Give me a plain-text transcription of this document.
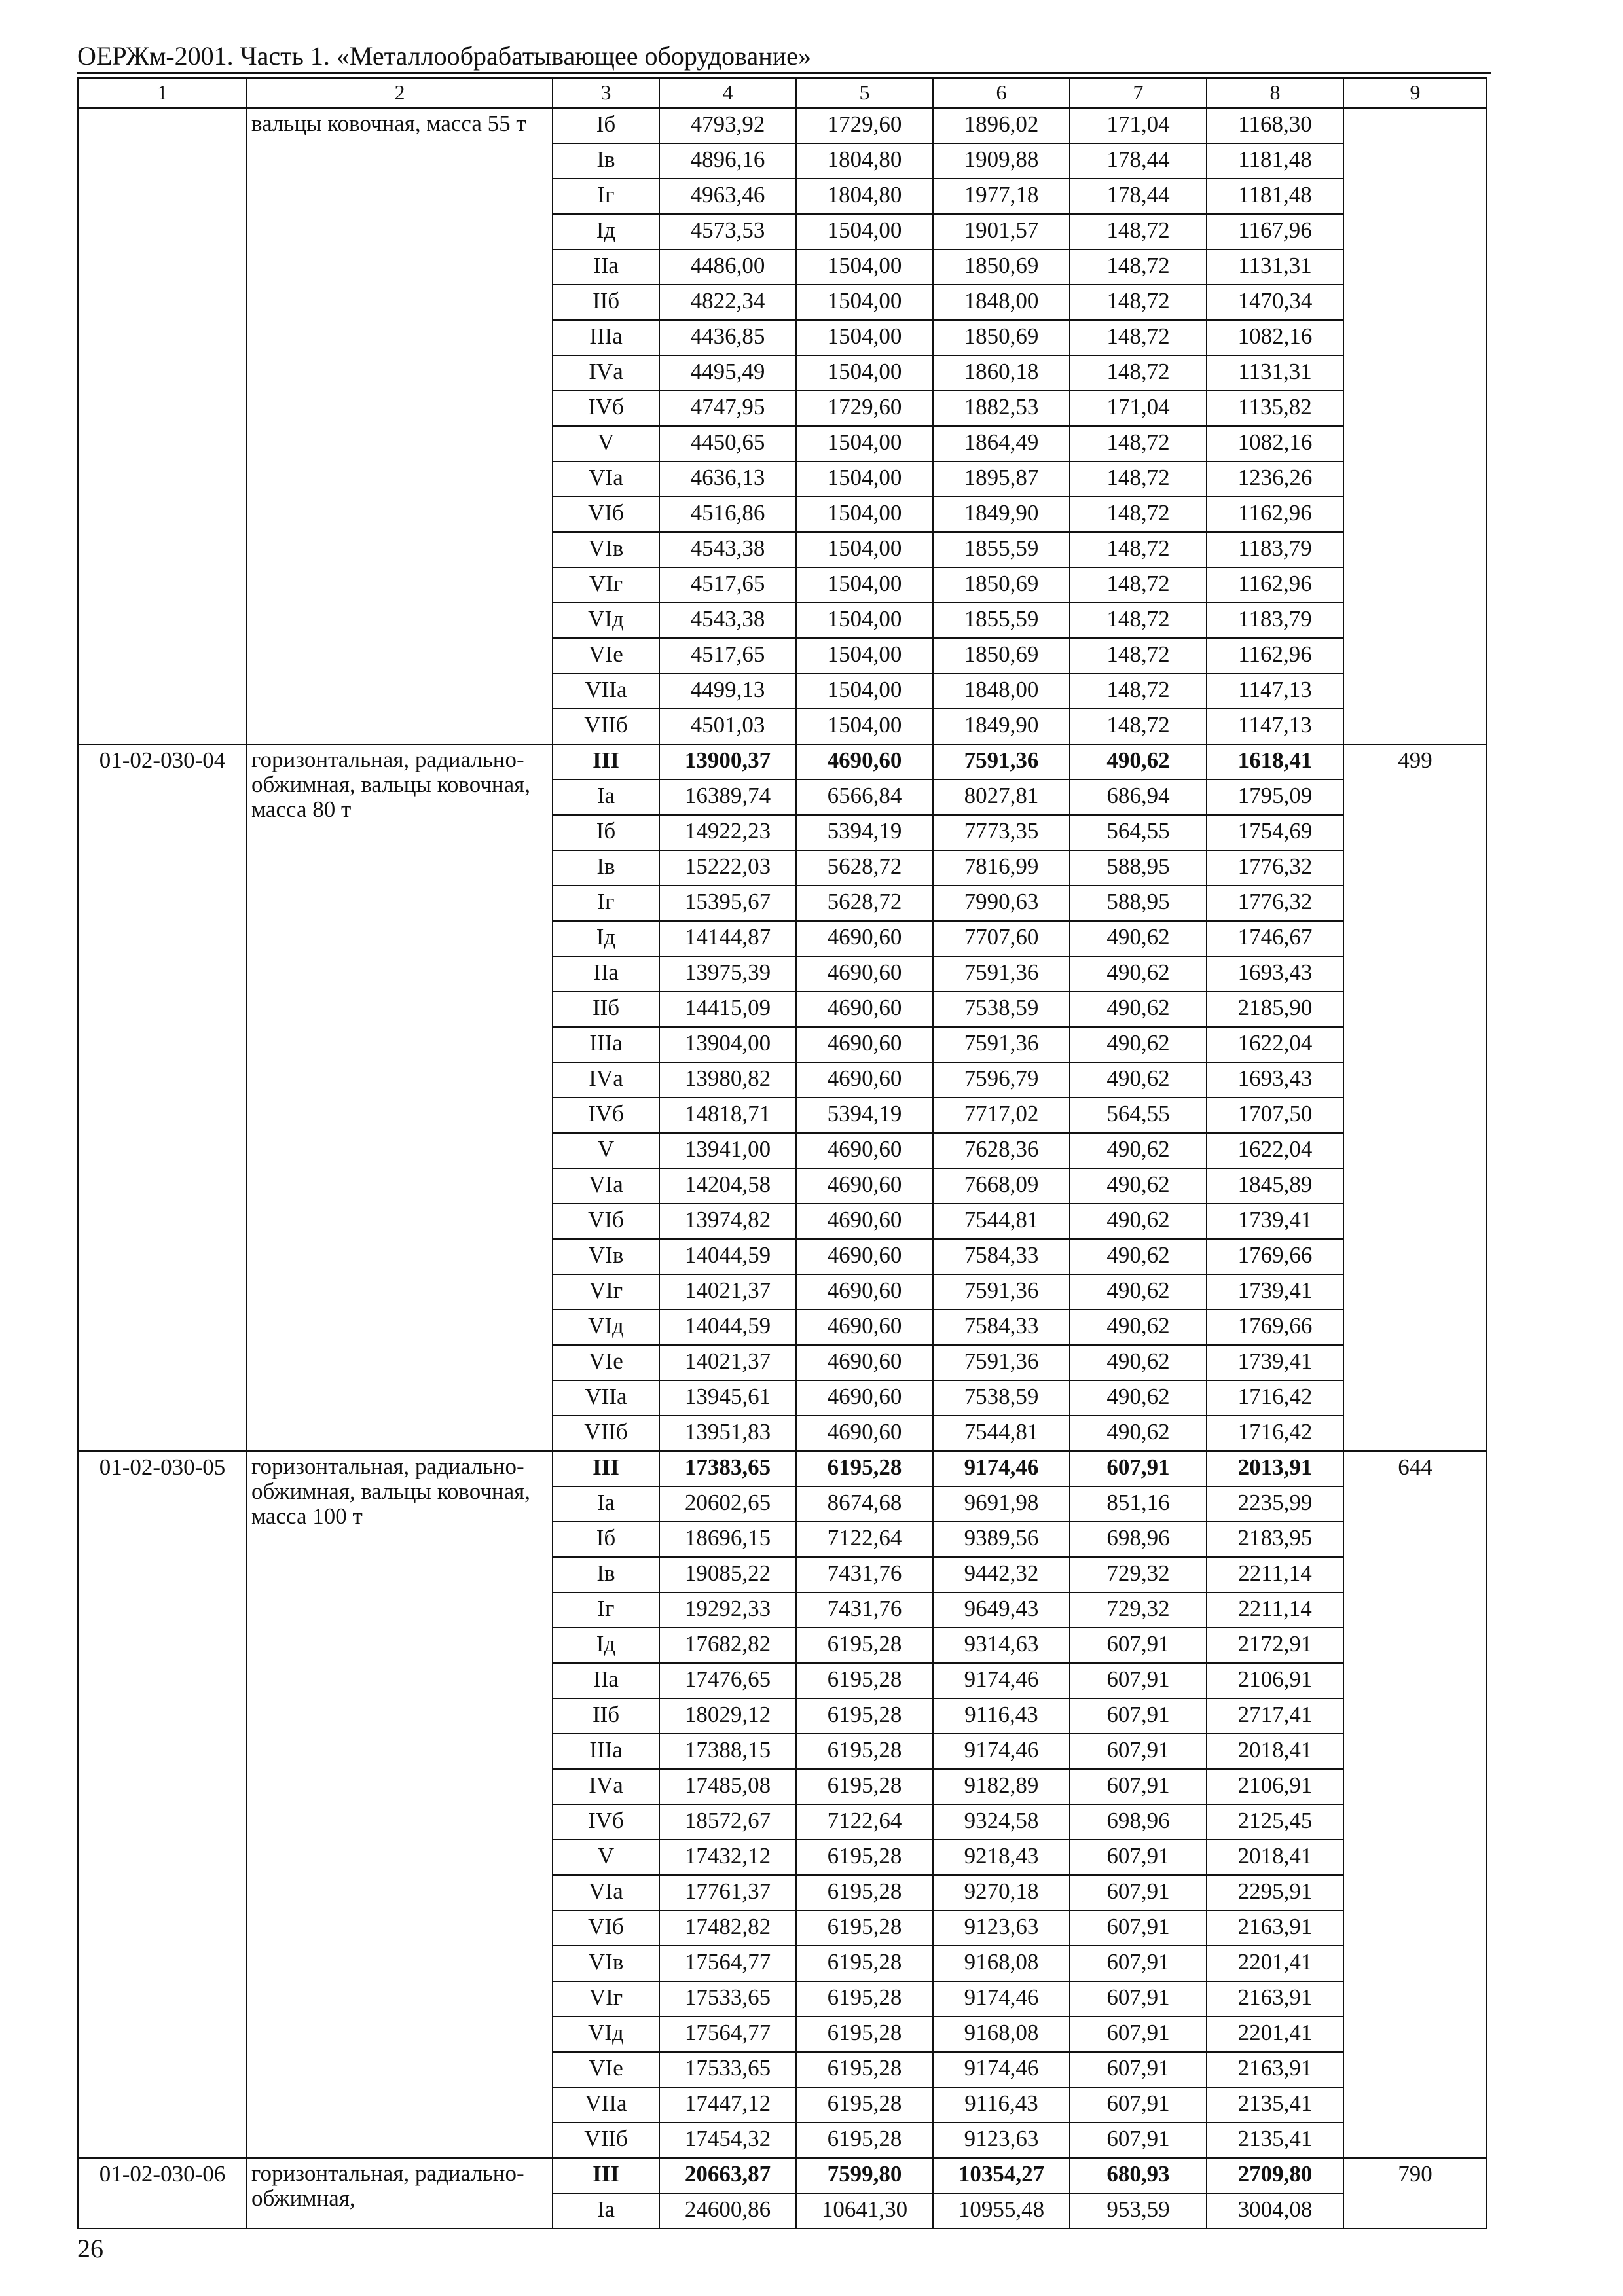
ОЕРЖм-2001. Часть 1. «Металлообрабатывающее оборудование»
1	2	3	4	5	6	7	8	9
	вальцы ковочная, масса 55 т	Iб	4793,92	1729,60	1896,02	171,04	1168,30	
		Iв	4896,16	1804,80	1909,88	178,44	1181,48	
		Iг	4963,46	1804,80	1977,18	178,44	1181,48	
		Iд	4573,53	1504,00	1901,57	148,72	1167,96	
		IIа	4486,00	1504,00	1850,69	148,72	1131,31	
		IIб	4822,34	1504,00	1848,00	148,72	1470,34	
		IIIа	4436,85	1504,00	1850,69	148,72	1082,16	
		IVа	4495,49	1504,00	1860,18	148,72	1131,31	
		IVб	4747,95	1729,60	1882,53	171,04	1135,82	
		V	4450,65	1504,00	1864,49	148,72	1082,16	
		VIа	4636,13	1504,00	1895,87	148,72	1236,26	
		VIб	4516,86	1504,00	1849,90	148,72	1162,96	
		VIв	4543,38	1504,00	1855,59	148,72	1183,79	
		VIг	4517,65	1504,00	1850,69	148,72	1162,96	
		VIд	4543,38	1504,00	1855,59	148,72	1183,79	
		VIе	4517,65	1504,00	1850,69	148,72	1162,96	
		VIIа	4499,13	1504,00	1848,00	148,72	1147,13	
		VIIб	4501,03	1504,00	1849,90	148,72	1147,13	
01-02-030-04	горизонтальная, радиально-обжимная, вальцы ковочная, масса 80 т	III	13900,37	4690,60	7591,36	490,62	1618,41	499
		Iа	16389,74	6566,84	8027,81	686,94	1795,09	
		Iб	14922,23	5394,19	7773,35	564,55	1754,69	
		Iв	15222,03	5628,72	7816,99	588,95	1776,32	
		Iг	15395,67	5628,72	7990,63	588,95	1776,32	
		Iд	14144,87	4690,60	7707,60	490,62	1746,67	
		IIа	13975,39	4690,60	7591,36	490,62	1693,43	
		IIб	14415,09	4690,60	7538,59	490,62	2185,90	
		IIIа	13904,00	4690,60	7591,36	490,62	1622,04	
		IVа	13980,82	4690,60	7596,79	490,62	1693,43	
		IVб	14818,71	5394,19	7717,02	564,55	1707,50	
		V	13941,00	4690,60	7628,36	490,62	1622,04	
		VIа	14204,58	4690,60	7668,09	490,62	1845,89	
		VIб	13974,82	4690,60	7544,81	490,62	1739,41	
		VIв	14044,59	4690,60	7584,33	490,62	1769,66	
		VIг	14021,37	4690,60	7591,36	490,62	1739,41	
		VIд	14044,59	4690,60	7584,33	490,62	1769,66	
		VIе	14021,37	4690,60	7591,36	490,62	1739,41	
		VIIа	13945,61	4690,60	7538,59	490,62	1716,42	
		VIIб	13951,83	4690,60	7544,81	490,62	1716,42	
01-02-030-05	горизонтальная, радиально-обжимная, вальцы ковочная, масса 100 т	III	17383,65	6195,28	9174,46	607,91	2013,91	644
		Iа	20602,65	8674,68	9691,98	851,16	2235,99	
		Iб	18696,15	7122,64	9389,56	698,96	2183,95	
		Iв	19085,22	7431,76	9442,32	729,32	2211,14	
		Iг	19292,33	7431,76	9649,43	729,32	2211,14	
		Iд	17682,82	6195,28	9314,63	607,91	2172,91	
		IIа	17476,65	6195,28	9174,46	607,91	2106,91	
		IIб	18029,12	6195,28	9116,43	607,91	2717,41	
		IIIа	17388,15	6195,28	9174,46	607,91	2018,41	
		IVа	17485,08	6195,28	9182,89	607,91	2106,91	
		IVб	18572,67	7122,64	9324,58	698,96	2125,45	
		V	17432,12	6195,28	9218,43	607,91	2018,41	
		VIа	17761,37	6195,28	9270,18	607,91	2295,91	
		VIб	17482,82	6195,28	9123,63	607,91	2163,91	
		VIв	17564,77	6195,28	9168,08	607,91	2201,41	
		VIг	17533,65	6195,28	9174,46	607,91	2163,91	
		VIд	17564,77	6195,28	9168,08	607,91	2201,41	
		VIе	17533,65	6195,28	9174,46	607,91	2163,91	
		VIIа	17447,12	6195,28	9116,43	607,91	2135,41	
		VIIб	17454,32	6195,28	9123,63	607,91	2135,41	
01-02-030-06	горизонтальная, радиально-обжимная,	III	20663,87	7599,80	10354,27	680,93	2709,80	790
		Iа	24600,86	10641,30	10955,48	953,59	3004,08	
26
